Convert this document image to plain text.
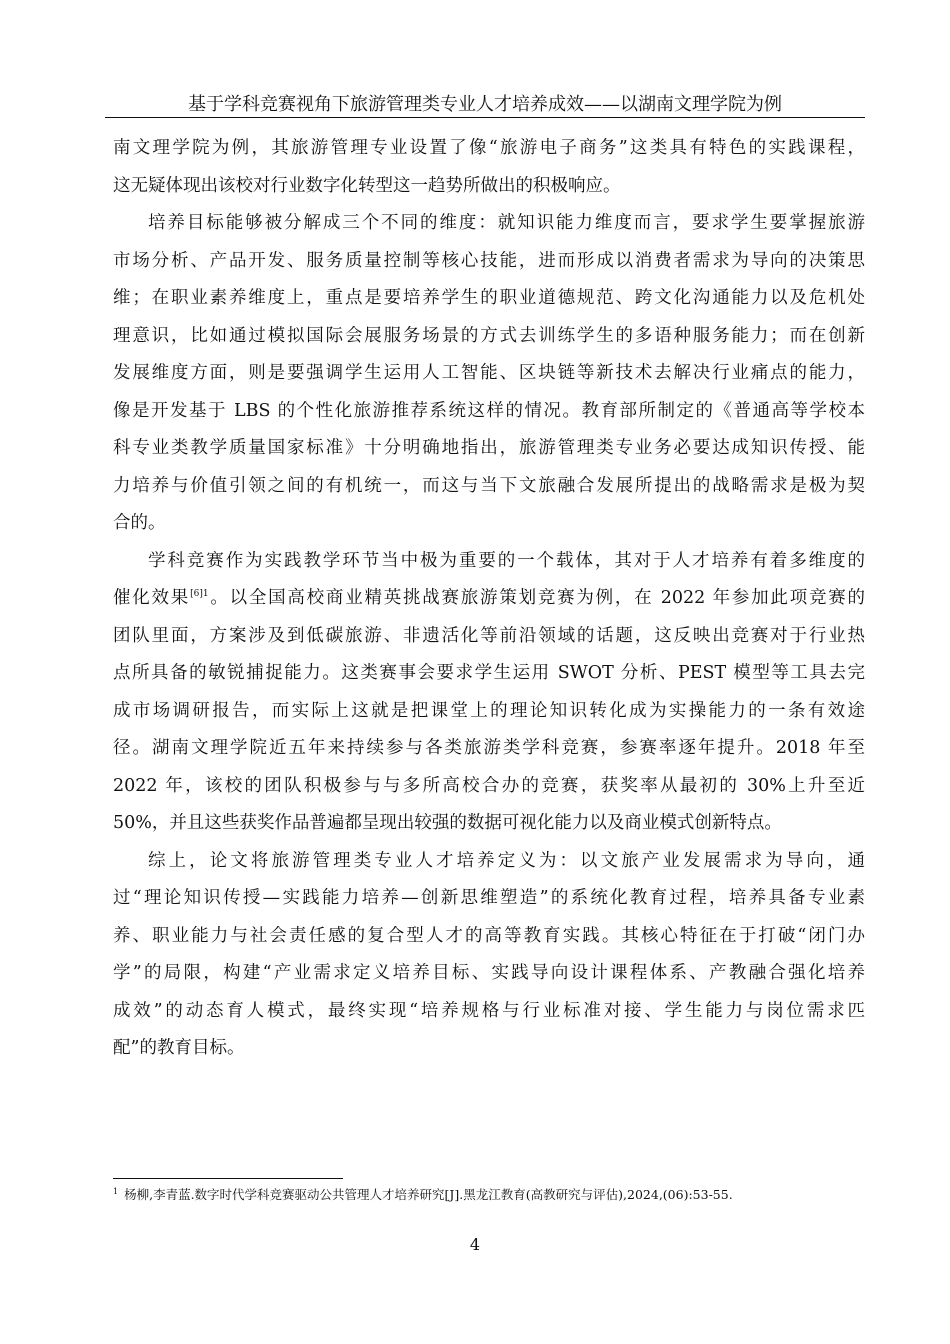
基于学科竞赛视角下旅游管理类专业人才培养成效——以湖南文理学院为例
南文理学院为例，其旅游管理专业设置了像“旅游电子商务”这类具有特色的实践课程，
这无疑体现出该校对行业数字化转型这一趋势所做出的积极响应。
培养目标能够被分解成三个不同的维度：就知识能力维度而言，要求学生要掌握旅游
市场分析、产品开发、服务质量控制等核心技能，进而形成以消费者需求为导向的决策思
维；在职业素养维度上，重点是要培养学生的职业道德规范、跨文化沟通能力以及危机处
理意识，比如通过模拟国际会展服务场景的方式去训练学生的多语种服务能力；而在创新
发展维度方面，则是要强调学生运用人工智能、区块链等新技术去解决行业痛点的能力，
像是开发基于 LBS 的个性化旅游推荐系统这样的情况。教育部所制定的《普通高等学校本
科专业类教学质量国家标准》十分明确地指出，旅游管理类专业务必要达成知识传授、能
力培养与价值引领之间的有机统一，而这与当下文旅融合发展所提出的战略需求是极为契
合的。
学科竞赛作为实践教学环节当中极为重要的一个载体，其对于人才培养有着多维度的
催化效果$^{[6]1}$。以全国高校商业精英挑战赛旅游策划竞赛为例，在 2022 年参加此项竞赛的
团队里面，方案涉及到低碳旅游、非遗活化等前沿领域的话题，这反映出竞赛对于行业热
点所具备的敏锐捕捉能力。这类赛事会要求学生运用 SWOT 分析、PEST 模型等工具去完
成市场调研报告，而实际上这就是把课堂上的理论知识转化成为实操能力的一条有效途
径。湖南文理学院近五年来持续参与各类旅游类学科竞赛，参赛率逐年提升。2018 年至
2022 年，该校的团队积极参与与多所高校合办的竞赛，获奖率从最初的 30%上升至近
50%，并且这些获奖作品普遍都呈现出较强的数据可视化能力以及商业模式创新特点。
综上，论文将旅游管理类专业人才培养定义为：以文旅产业发展需求为导向，通
过“理论知识传授—实践能力培养—创新思维塑造”的系统化教育过程，培养具备专业素
养、职业能力与社会责任感的复合型人才的高等教育实践。其核心特征在于打破“闭门办
学”的局限，构建“产业需求定义培养目标、实践导向设计课程体系、产教融合强化培养
成效”的动态育人模式，最终实现“培养规格与行业标准对接、学生能力与岗位需求匹
配”的教育目标。
$^1$ 杨柳,李青蓝.数字时代学科竞赛驱动公共管理人才培养研究[J].黑龙江教育(高教研究与评估),2024,(06):53-55.
4
